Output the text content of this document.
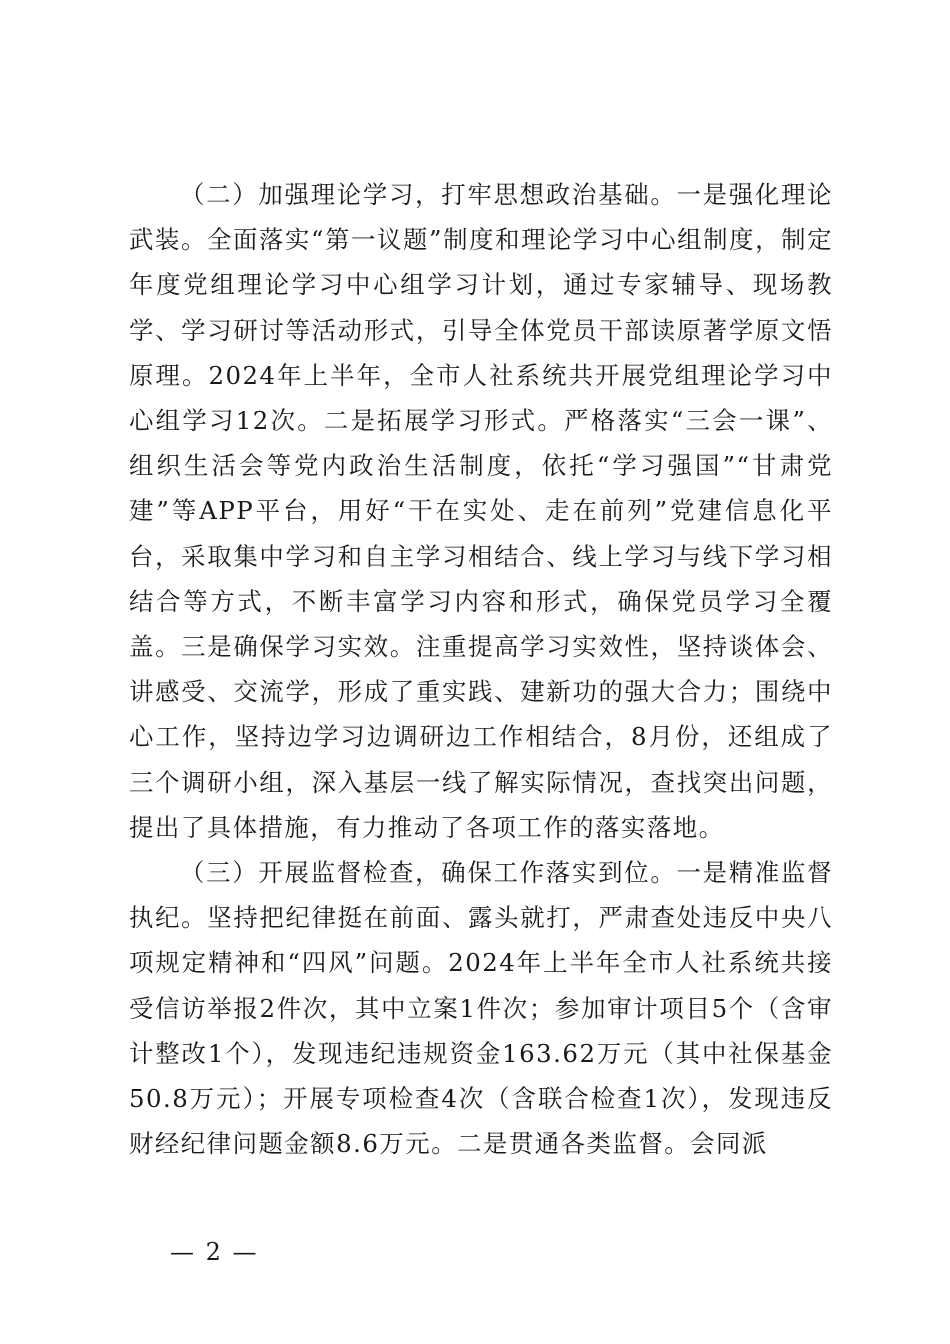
（二）加强理论学习，打牢思想政治基础。一是强化理论武装。全面落实“第一议题”制度和理论学习中心组制度，制定年度党组理论学习中心组学习计划，通过专家辅导、现场教学、学习研讨等活动形式，引导全体党员干部读原著学原文悟原理。2024年上半年，全市人社系统共开展党组理论学习中心组学习12次。二是拓展学习形式。严格落实“三会一课”、组织生活会等党内政治生活制度，依托“学习强国”“甘肃党建”等APP平台，用好“干在实处、走在前列”党建信息化平台，采取集中学习和自主学习相结合、线上学习与线下学习相结合等方式，不断丰富学习内容和形式，确保党员学习全覆盖。三是确保学习实效。注重提高学习实效性，坚持谈体会、讲感受、交流学，形成了重实践、建新功的强大合力；围绕中心工作，坚持边学习边调研边工作相结合，8月份，还组成了三个调研小组，深入基层一线了解实际情况，查找突出问题，提出了具体措施，有力推动了各项工作的落实落地。

（三）开展监督检查，确保工作落实到位。一是精准监督执纪。坚持把纪律挺在前面、露头就打，严肃查处违反中央八项规定精神和“四风”问题。2024年上半年全市人社系统共接受信访举报2件次，其中立案1件次；参加审计项目5个（含审计整改1个），发现违纪违规资金163.62万元（其中社保基金50.8万元）；开展专项检查4次（含联合检查1次），发现违反财经纪律问题金额8.6万元。二是贯通各类监督。会同派

— 2 —
